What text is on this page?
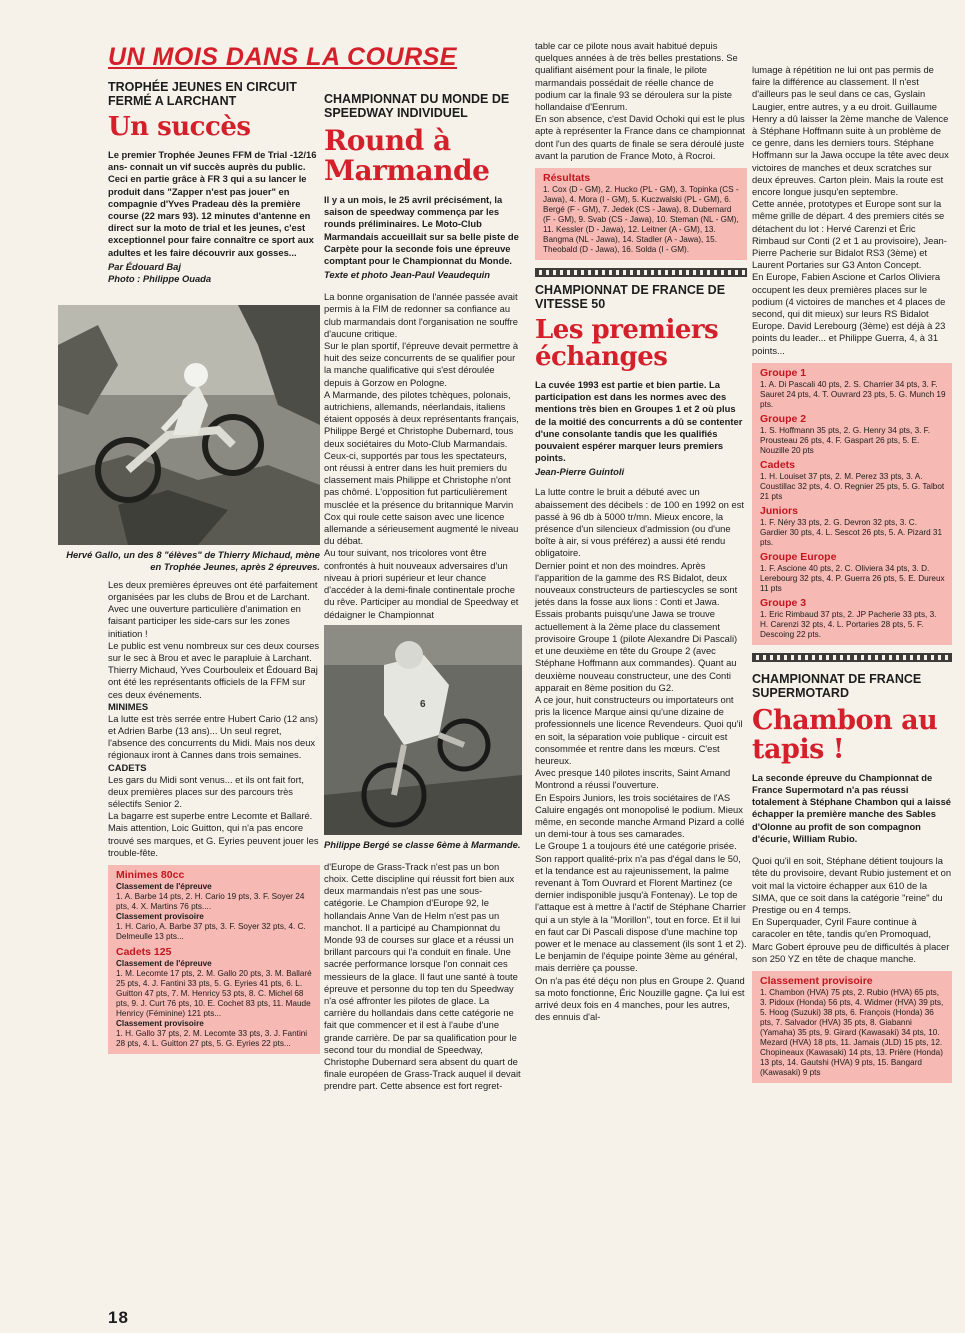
UN MOIS DANS LA COURSE
TROPHÉE JEUNES EN CIRCUIT FERMÉ A LARCHANT
Un succès
Le premier Trophée Jeunes FFM de Trial -12/16 ans- connait un vif succès auprès du public. Ceci en partie grâce à FR 3 qui a su lancer le produit dans "Zapper n'est pas jouer" en compagnie d'Yves Pradeau dès la première course (22 mars 93). 12 minutes d'antenne en direct sur la moto de trial et les jeunes, c'est exceptionnel pour faire connaître ce sport aux adultes et les faire découvrir aux gosses...
Par Édouard Baj
Photo : Philippe Ouada
Hervé Gallo, un des 8 "élèves" de Thierry Michaud, mène en Trophée Jeunes, après 2 épreuves.

Les deux premières épreuves ont été parfaitement organisées par les clubs de Brou et de Larchant. Avec une ouverture particulière d'animation en faisant participer les side-cars sur les zones initiation !

Le public est venu nombreux sur ces deux courses sur le sec à Brou et avec le parapluie à Larchant. Thierry Michaud, Yves Courbouleix et Édouard Baj ont été les représentants officiels de la FFM sur ces deux événements.

MINIMES

La lutte est très serrée entre Hubert Cario (12 ans) et Adrien Barbe (13 ans)... Un seul regret, l'absence des concurrents du Midi. Mais nos deux régionaux iront à Cannes dans trois semaines.

CADETS

Les gars du Midi sont venus... et ils ont fait fort, deux premières places sur des parcours très sélectifs Senior 2.

La bagarre est superbe entre Lecomte et Ballaré. Mais attention, Loic Guitton, qui n'a pas encore trouvé ses marques, et G. Eyries peuvent jouer les trouble-fête.

Minimes 80cc
Classement de l'épreuve
1. A. Barbe 14 pts, 2. H. Cario 19 pts, 3. F. Soyer 24 pts, 4. X. Martins 76 pts....
Classement provisoire
1. H. Cario, A. Barbe 37 pts, 3. F. Soyer 32 pts, 4. C. Delmeulle 13 pts...
Cadets 125
Classement de l'épreuve
1. M. Lecomte 17 pts, 2. M. Gallo 20 pts, 3. M. Ballaré 25 pts, 4. J. Fantini 33 pts, 5. G. Eyries 41 pts, 6. L. Guitton 47 pts, 7. M. Henricy 53 pts, 8. C. Michel 68 pts, 9. J. Curt 76 pts, 10. E. Cochet 83 pts, 11. Maude Henricy (Féminine) 121 pts...
Classement provisoire
1. H. Gallo 37 pts, 2. M. Lecomte 33 pts, 3. J. Fantini 28 pts, 4. L. Guitton 27 pts, 5. G. Eyries 22 pts...
CHAMPIONNAT DU MONDE DE SPEEDWAY INDIVIDUEL
Round à Marmande
Il y a un mois, le 25 avril précisément, la saison de speedway commença par les rounds préliminaires. Le Moto-Club Marmandais accueillait sur sa belle piste de Carpète pour la seconde fois une épreuve comptant pour le Championnat du Monde.
Texte et photo Jean-Paul Veaudequin

La bonne organisation de l'année passée avait permis à la FIM de redonner sa confiance au club marmandais dont l'organisation ne souffre d'aucune critique.

Sur le plan sportif, l'épreuve devait permettre à huit des seize concurrents de se qualifier pour la manche qualificative qui s'est déroulée depuis à Gorzow en Pologne.

A Marmande, des pilotes tchèques, polonais, autrichiens, allemands, néerlandais, italiens étaient opposés à deux représentants français, Philippe Bergé et Christophe Dubernard, tous deux sociétaires du Moto-Club Marmandais. Ceux-ci, supportés par tous les spectateurs, ont réussi à entrer dans les huit premiers du classement mais Philippe et Christophe n'ont pas chômé. L'opposition fut particulièrement musclée et la présence du britannique Marvin Cox qui roule cette saison avec une licence allemande a sérieusement augmenté le niveau du débat.

Au tour suivant, nos tricolores vont être confrontés à huit nouveaux adversaires d'un niveau à priori supérieur et leur chance d'accéder à la demi-finale continentale proche du rêve. Participer au mondial de Speedway et dédaigner le Championnat

6
Philippe Bergé se classe 6ème à Marmande.

d'Europe de Grass-Track n'est pas un bon choix. Cette discipline qui réussit fort bien aux deux marmandais n'est pas une sous-catégorie. Le Champion d'Europe 92, le hollandais Anne Van de Helm n'est pas un manchot. Il a participé au Championnat du Monde 93 de courses sur glace et a réussi un brillant parcours qui l'a conduit en finale. Une sacrée performance lorsque l'on connait ces messieurs de la glace. Il faut une santé à toute épreuve et personne du top ten du Speedway n'a osé affronter les pilotes de glace. La carrière du hollandais dans cette catégorie ne fait que commencer et il est à l'aube d'une grande carrière. De par sa qualification pour le second tour du mondial de Speedway, Christophe Dubernard sera absent du quart de finale européen de Grass-Track auquel il devait prendre part. Cette absence est fort regret-

table car ce pilote nous avait habitué depuis quelques années à de très belles prestations. Se qualifiant aisément pour la finale, le pilote marmandais possédait de réelle chance de podium car la finale 93 se déroulera sur la piste hollandaise d'Eenrum.

En son absence, c'est David Ochoki qui est le plus apte à représenter la France dans ce championnat dont l'un des quarts de finale se sera déroulé juste avant la parution de France Moto, à Rocroi.

Résultats
1. Cox (D - GM), 2. Hucko (PL - GM), 3. Topinka (CS - Jawa), 4. Mora (I - GM), 5. Kuczwalski (PL - GM), 6. Bergé (F - GM), 7. Jedek (CS - Jawa), 8. Dubernard (F - GM), 9. Svab (CS - Jawa), 10. Steman (NL - GM), 11. Kessler (D - Jawa), 12. Leitner (A - GM), 13. Bangma (NL - Jawa), 14. Stadler (A - Jawa), 15. Theobald (D - Jawa), 16. Solda (I - GM).
CHAMPIONNAT DE FRANCE DE VITESSE 50
Les premiers échanges
La cuvée 1993 est partie et bien partie. La participation est dans les normes avec des mentions très bien en Groupes 1 et 2 où plus de la moitié des concurrents a dû se contenter d'une consolante tandis que les qualifiés pouvaient espérer marquer leurs premiers points.
Jean-Pierre Guintoli

La lutte contre le bruit a débuté avec un abaissement des décibels : de 100 en 1992 on est passé à 96 db à 5000 tr/mn. Mieux encore, la présence d'un silencieux d'admission (ou d'une boîte à air, si vous préférez) a aussi été rendu obligatoire.

Dernier point et non des moindres. Après l'apparition de la gamme des RS Bidalot, deux nouveaux constructeurs de partiescycles se sont jetés dans la fosse aux lions : Conti et Jawa. Essais probants puisqu'une Jawa se trouve actuellement à la 2ème place du classement provisoire Groupe 1 (pilote Alexandre Di Pascali) et une deuxième en tête du Groupe 2 (avec Stéphane Hoffmann aux commandes). Quant au deuxième nouveau constructeur, une des Conti apparait en 8ème position du G2.

A ce jour, huit constructeurs ou importateurs ont pris la licence Marque ainsi qu'une dizaine de professionnels une licence Revendeurs. Quoi qu'il en soit, la séparation voie publique - circuit est consommée et rentre dans les mœurs. C'est heureux.

Avec presque 140 pilotes inscrits, Saint Amand Montrond a réussi l'ouverture.

En Espoirs Juniors, les trois sociétaires de l'AS Caluire engagés ont monopolisé le podium. Mieux même, en seconde manche Armand Pizard a collé un demi-tour à tous ses camarades.

Le Groupe 1 a toujours été une catégorie prisée. Son rapport qualité-prix n'a pas d'égal dans le 50, et la tendance est au rajeunissement, la palme revenant à Tom Ouvrard et Florent Martinez (ce dernier indisponible jusqu'à Fontenay). Le top de l'attaque est à mettre à l'actif de Stéphane Charrier qui a un style à la "Morillon", tout en force. Et il lui en faut car Di Pascali dispose d'une machine top power et le menace au classement (ils sont 1 et 2). Le benjamin de l'équipe pointe 3ème au général, mais derrière ça pousse.

On n'a pas été déçu non plus en Groupe 2. Quand sa moto fonctionne, Éric Nouzille gagne. Ça lui est arrivé deux fois en 4 manches, pour les autres, des ennuis d'al-

lumage à répétition ne lui ont pas permis de faire la différence au classement. Il n'est d'ailleurs pas le seul dans ce cas, Gyslain Laugier, entre autres, y a eu droit. Guillaume Henry a dû laisser la 2ème manche de Valence à Stéphane Hoffmann suite à un problème de ce genre, dans les derniers tours. Stéphane Hoffmann sur la Jawa occupe la tête avec deux victoires de manches et deux scratches sur deux épreuves. Carton plein. Mais la route est encore longue jusqu'en septembre.

Cette année, prototypes et Europe sont sur la même grille de départ. 4 des premiers cités se détachent du lot : Hervé Carenzi et Éric Rimbaud sur Conti (2 et 1 au provisoire), Jean-Pierre Pacherie sur Bidalot RS3 (3ème) et Laurent Portaries sur G3 Anton Concept.

En Europe, Fabien Ascione et Carlos Oliviera occupent les deux premières places sur le podium (4 victoires de manches et 4 places de second, qui dit mieux) sur leurs RS Bidalot Europe. David Lerebourg (3ème) est déjà à 23 points du leader... et Philippe Guerra, 4, à 31 points...

Groupe 1
1. A. Di Pascali 40 pts, 2. S. Charrier 34 pts, 3. F. Sauret 24 pts, 4. T. Ouvrard 23 pts, 5. G. Munch 19 pts.
Groupe 2
1. S. Hoffmann 35 pts, 2. G. Henry 34 pts, 3. F. Prousteau 26 pts, 4. F. Gaspart 26 pts, 5. E. Nouzille 20 pts
Cadets
1. H. Louiset 37 pts, 2. M. Perez 33 pts, 3. A. Coustillac 32 pts, 4. O. Regnier 25 pts, 5. G. Talbot 21 pts
Juniors
1. F. Néry 33 pts, 2. G. Devron 32 pts, 3. C. Gardier 30 pts, 4. L. Sescot 26 pts, 5. A. Pizard 31 pts.
Groupe Europe
1. F. Ascione 40 pts, 2. C. Oliviera 34 pts, 3. D. Lerebourg 32 pts, 4. P. Guerra 26 pts, 5. E. Dureux 11 pts
Groupe 3
1. Eric Rimbaud 37 pts, 2. JP Pacherie 33 pts, 3. H. Carenzi 32 pts, 4. L. Portaries 28 pts, 5. F. Descoing 22 pts.
CHAMPIONNAT DE FRANCE SUPERMOTARD
Chambon au tapis !
La seconde épreuve du Championnat de France Supermotard n'a pas réussi totalement à Stéphane Chambon qui a laissé échapper la première manche des Sables d'Olonne au profit de son compagnon d'écurie, William Rubio.

Quoi qu'il en soit, Stéphane détient toujours la tête du provisoire, devant Rubio justement et on voit mal la victoire échapper aux 610 de la SIMA, que ce soit dans la catégorie "reine" du Prestige ou en 4 temps.

En Superquader, Cyril Faure continue à caracoler en tête, tandis qu'en Promoquad, Marc Gobert éprouve peu de difficultés à placer son 250 YZ en tête de chaque manche.

Classement provisoire
1. Chambon (HVA) 75 pts, 2. Rubio (HVA) 65 pts, 3. Pidoux (Honda) 56 pts, 4. Widmer (HVA) 39 pts, 5. Hoog (Suzuki) 38 pts, 6. François (Honda) 36 pts, 7. Salvador (HVA) 35 pts, 8. Giabanni (Yamaha) 35 pts, 9. Girard (Kawasaki) 34 pts, 10. Mezard (HVA) 18 pts, 11. Jamais (JLD) 15 pts, 12. Chopineaux (Kawasaki) 14 pts, 13. Prière (Honda) 13 pts, 14. Gautshi (HVA) 9 pts, 15. Bangard (Kawasaki) 9 pts
18
